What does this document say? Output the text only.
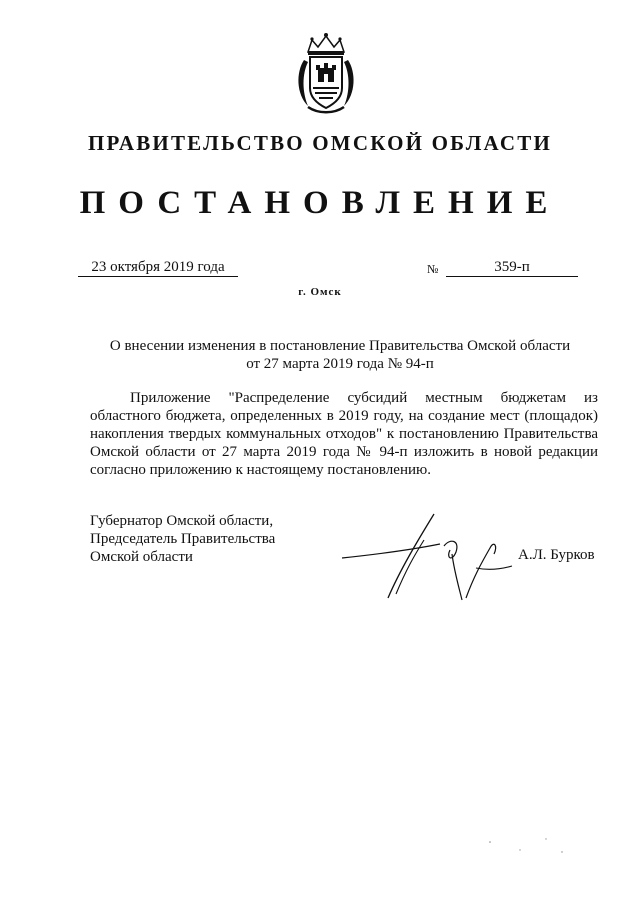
ПРАВИТЕЛЬСТВО ОМСКОЙ ОБЛАСТИ
ПОСТАНОВЛЕНИЕ
23 октября 2019 года	№	359-п
г. Омск
О внесении изменения в постановление Правительства Омской области
от 27 марта 2019 года № 94-п
Приложение "Распределение субсидий местным бюджетам из областного бюджета, определенных в 2019 году, на создание мест (площадок) накопления твердых коммунальных отходов" к постановлению Правительства Омской области от 27 марта 2019 года № 94-п изложить в новой редакции согласно приложению к настоящему постановлению.
Губернатор Омской области,
Председатель Правительства
Омской области	А.Л. Бурков
